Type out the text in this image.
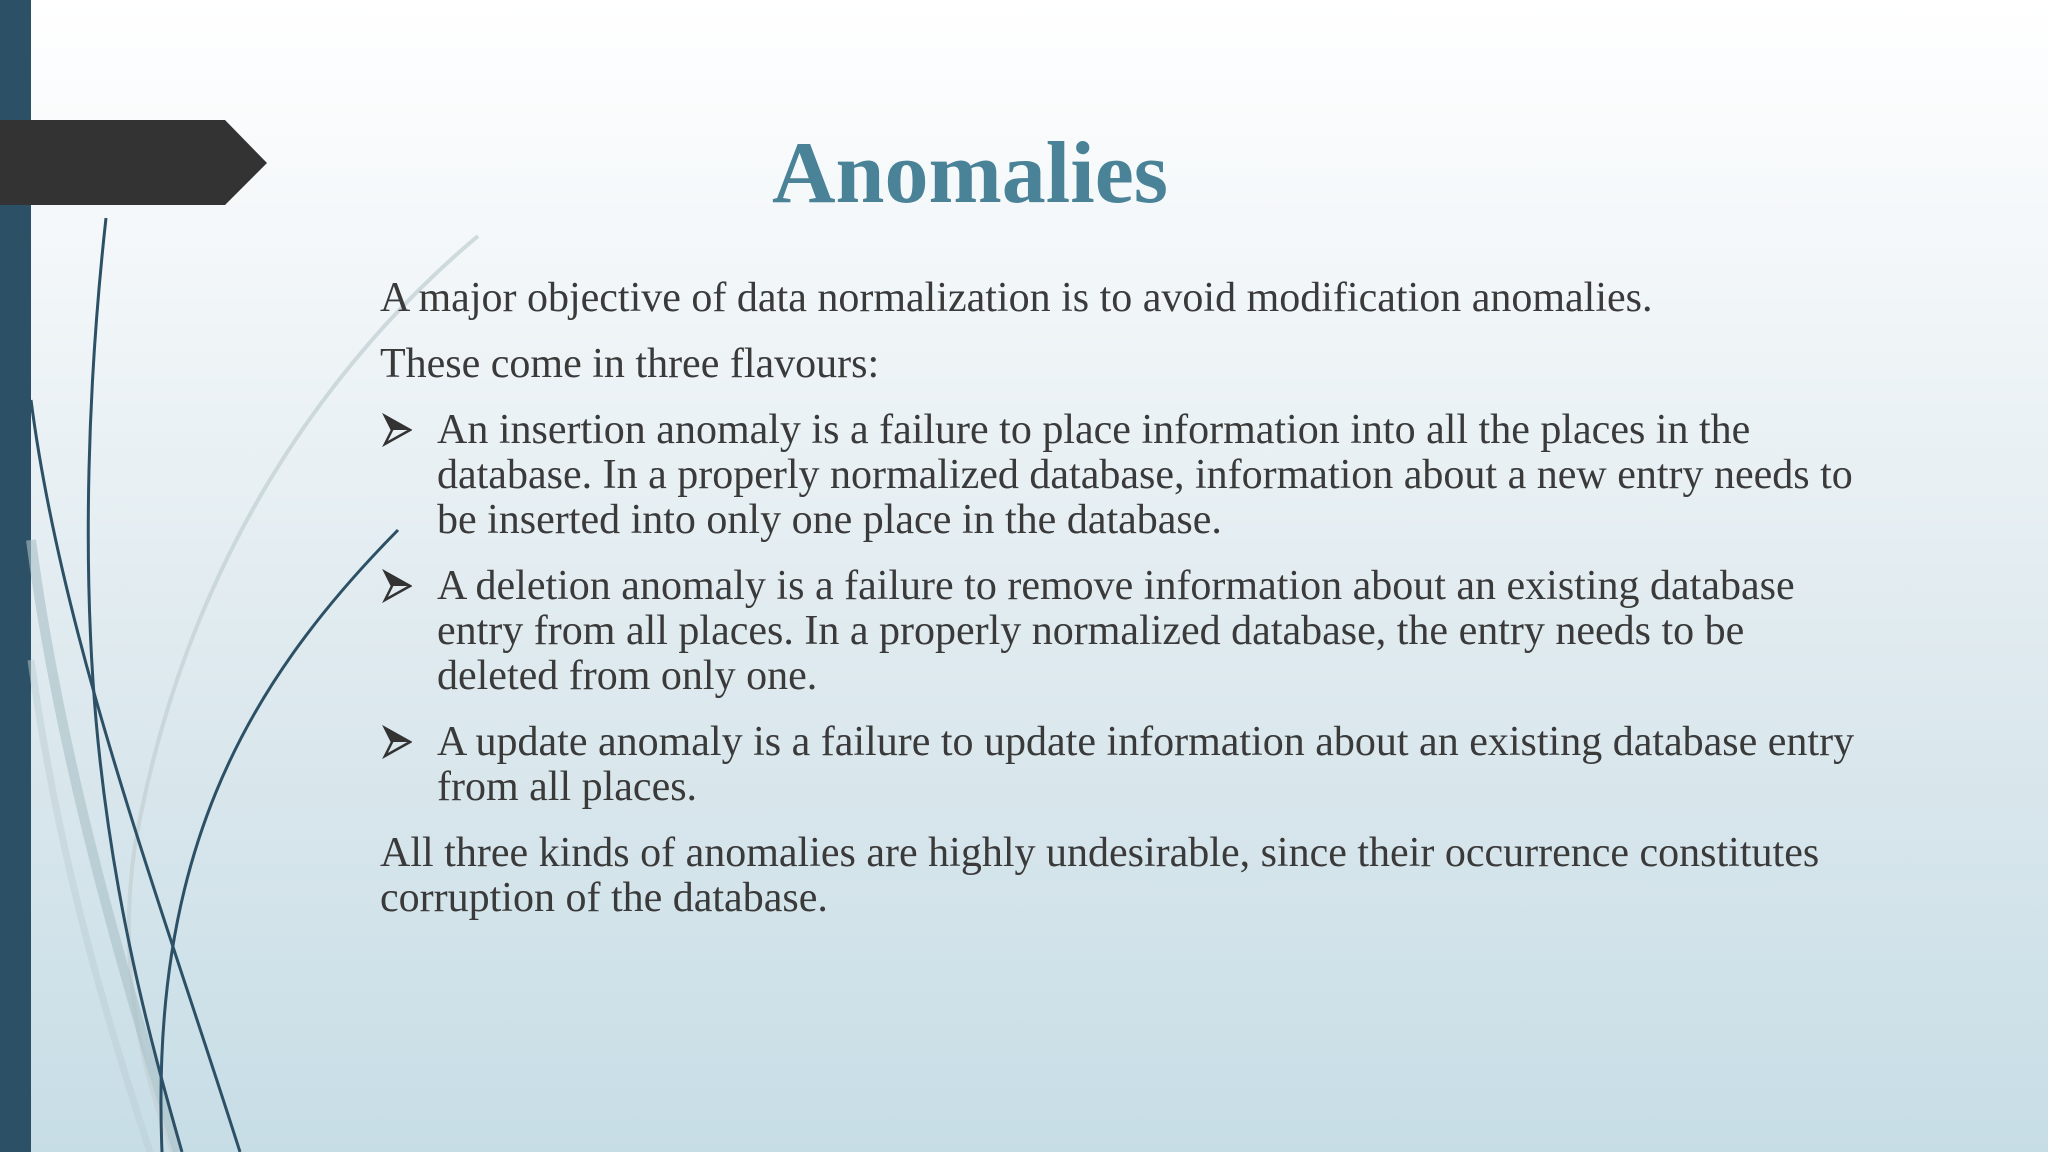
Anomalies

A major objective of data normalization is to avoid modification anomalies.

These come in three flavours:

An insertion anomaly is a failure to place information into all the places in the database. In a properly normalized database, information about a new entry needs to be inserted into only one place in the database.
A deletion anomaly is a failure to remove information about an existing database entry from all places. In a properly normalized database, the entry needs to be deleted from only one.
A update anomaly is a failure to update information about an existing database entry from all places.

All three kinds of anomalies are highly undesirable, since their occurrence constitutes corruption of the database.
